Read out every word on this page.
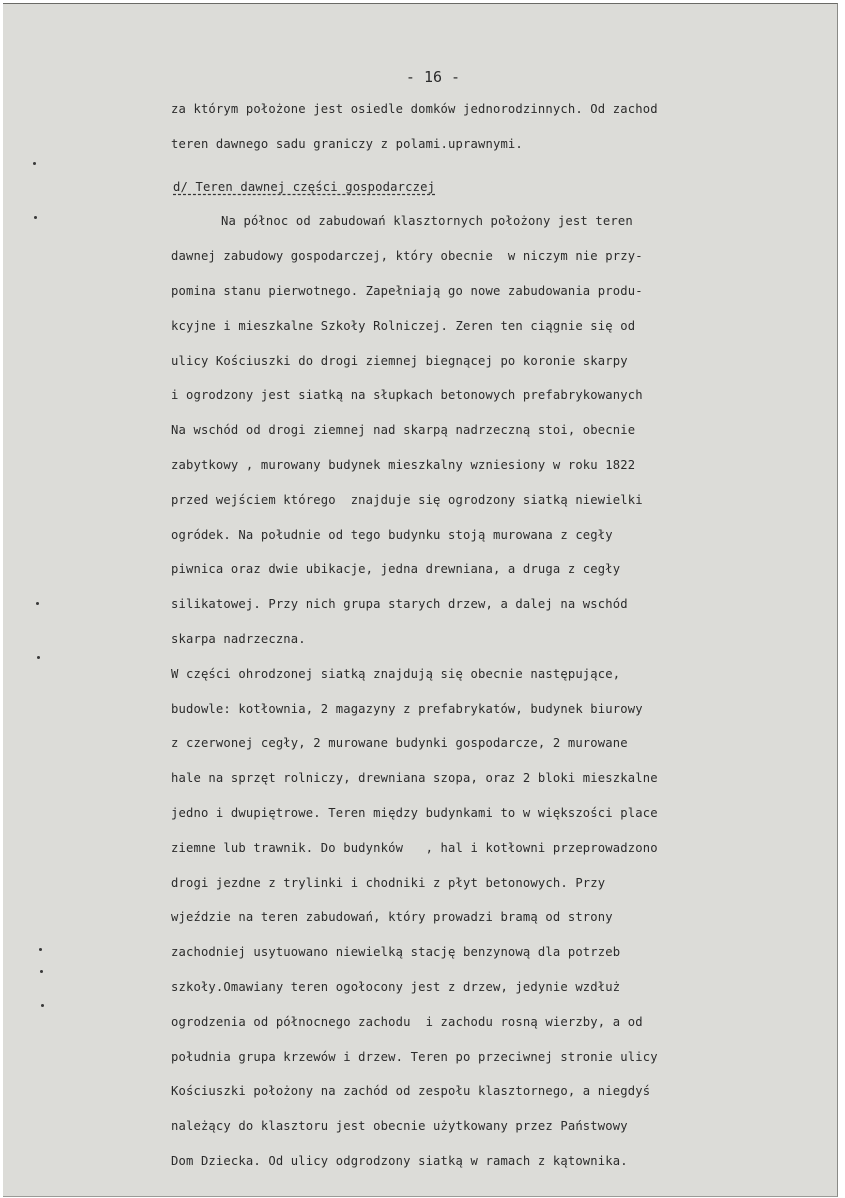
- 16 -
za którym położone jest osiedle domków jednorodzinnych. Od zachod
teren dawnego sadu graniczy z polami.uprawnymi.
d/ Teren dawnej części gospodarczej
Na północ od zabudowań klasztornych położony jest teren
dawnej zabudowy gospodarczej, który obecnie  w niczym nie przy-
pomina stanu pierwotnego. Zapełniają go nowe zabudowania produ-
kcyjne i mieszkalne Szkoły Rolniczej. Zeren ten ciągnie się od
ulicy Kościuszki do drogi ziemnej biegnącej po koronie skarpy
i ogrodzony jest siatką na słupkach betonowych prefabrykowanych
Na wschód od drogi ziemnej nad skarpą nadrzeczną stoi, obecnie
zabytkowy , murowany budynek mieszkalny wzniesiony w roku 1822
przed wejściem którego  znajduje się ogrodzony siatką niewielki
ogródek. Na południe od tego budynku stoją murowana z cegły
piwnica oraz dwie ubikacje, jedna drewniana, a druga z cegły
silikatowej. Przy nich grupa starych drzew, a dalej na wschód
skarpa nadrzeczna.
W części ohrodzonej siatką znajdują się obecnie następujące,
budowle: kotłownia, 2 magazyny z prefabrykatów, budynek biurowy
z czerwonej cegły, 2 murowane budynki gospodarcze, 2 murowane
hale na sprzęt rolniczy, drewniana szopa, oraz 2 bloki mieszkalne
jedno i dwupiętrowe. Teren między budynkami to w większości place
ziemne lub trawnik. Do budynków   , hal i kotłowni przeprowadzono
drogi jezdne z trylinki i chodniki z płyt betonowych. Przy
wjeździe na teren zabudowań, który prowadzi bramą od strony
zachodniej usytuowano niewielką stację benzynową dla potrzeb
szkoły.Omawiany teren ogołocony jest z drzew, jedynie wzdłuż
ogrodzenia od północnego zachodu  i zachodu rosną wierzby, a od
południa grupa krzewów i drzew. Teren po przeciwnej stronie ulicy
Kościuszki położony na zachód od zespołu klasztornego, a niegdyś
należący do klasztoru jest obecnie użytkowany przez Państwowy
Dom Dziecka. Od ulicy odgrodzony siatką w ramach z kątownika.
